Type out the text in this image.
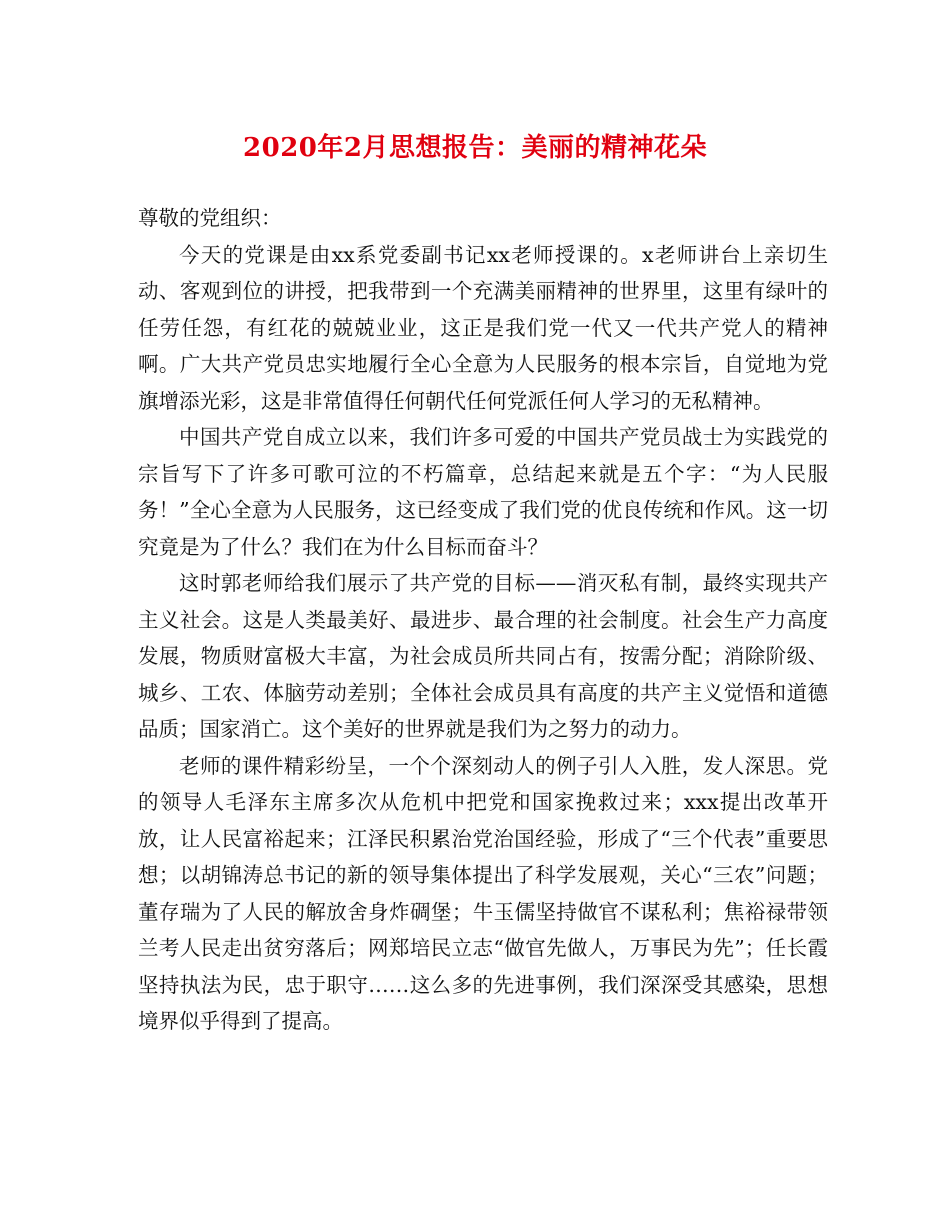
2020年2月思想报告：美丽的精神花朵

尊敬的党组织：

今天的党课是由xx系党委副书记xx老师授课的。x老师讲台上亲切生动、客观到位的讲授，把我带到一个充满美丽精神的世界里，这里有绿叶的任劳任怨，有红花的兢兢业业，这正是我们党一代又一代共产党人的精神啊。广大共产党员忠实地履行全心全意为人民服务的根本宗旨，自觉地为党旗增添光彩，这是非常值得任何朝代任何党派任何人学习的无私精神。

中国共产党自成立以来，我们许多可爱的中国共产党员战士为实践党的宗旨写下了许多可歌可泣的不朽篇章，总结起来就是五个字：“为人民服务！”全心全意为人民服务，这已经变成了我们党的优良传统和作风。这一切究竟是为了什么？我们在为什么目标而奋斗？

这时郭老师给我们展示了共产党的目标——消灭私有制，最终实现共产主义社会。这是人类最美好、最进步、最合理的社会制度。社会生产力高度发展，物质财富极大丰富，为社会成员所共同占有，按需分配；消除阶级、城乡、工农、体脑劳动差别；全体社会成员具有高度的共产主义觉悟和道德品质；国家消亡。这个美好的世界就是我们为之努力的动力。

老师的课件精彩纷呈，一个个深刻动人的例子引人入胜，发人深思。党的领导人毛泽东主席多次从危机中把党和国家挽救过来；xxx提出改革开放，让人民富裕起来；江泽民积累治党治国经验，形成了“三个代表”重要思想；以胡锦涛总书记的新的领导集体提出了科学发展观，关心“三农”问题；董存瑞为了人民的解放舍身炸碉堡；牛玉儒坚持做官不谋私利；焦裕禄带领兰考人民走出贫穷落后；网郑培民立志“做官先做人，万事民为先”；任长霞坚持执法为民，忠于职守……这么多的先进事例，我们深深受其感染，思想境界似乎得到了提高。
